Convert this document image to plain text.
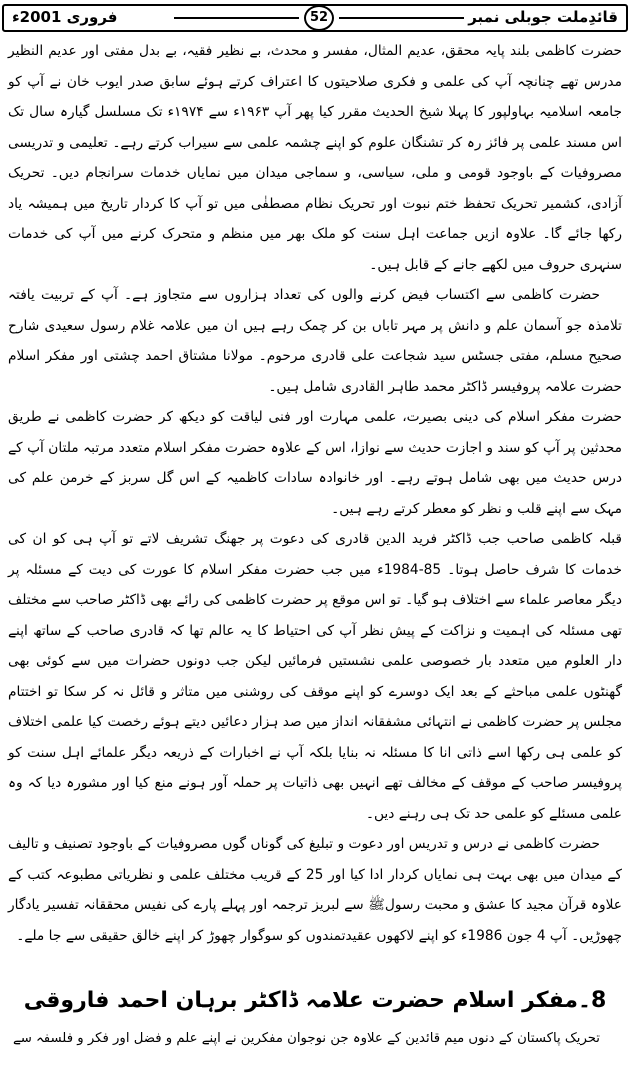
قائدِملت جوبلی نمبر
52
فروری 2001ء

حضرت کاظمی بلند پایہ محقق، عدیم المثال، مفسر و محدث، بے نظیر فقیہ، بے بدل مفتی اور عدیم النظیر مدرس تھے چنانچہ آپ کی علمی و فکری صلاحیتوں کا اعتراف کرتے ہوئے سابق صدر ایوب خان نے آپ کو جامعہ اسلامیہ بہاولپور کا پہلا شیخ الحدیث مقرر کیا پھر آپ ۱۹۶۳ء سے ۱۹۷۴ء تک مسلسل گیارہ سال تک اس مسند علمی پر فائز رہ کر تشنگان علوم کو اپنے چشمہ علمی سے سیراب کرتے رہے۔ تعلیمی و تدریسی مصروفیات کے باوجود قومی و ملی، سیاسی، و سماجی میدان میں نمایاں خدمات سرانجام دیں۔ تحریک آزادی، کشمیر تحریک تحفظ ختم نبوت اور تحریک نظام مصطفٰی میں تو آپ کا کردار تاریخ میں ہمیشہ یاد رکھا جائے گا۔ علاوہ ازیں جماعت اہل سنت کو ملک بھر میں منظم و متحرک کرنے میں آپ کی خدمات سنہری حروف میں لکھے جانے کے قابل ہیں۔

حضرت کاظمی سے اکتساب فیض کرنے والوں کی تعداد ہزاروں سے متجاوز ہے۔ آپ کے تربیت یافتہ تلامذہ جو آسمان علم و دانش پر مہر تاباں بن کر چمک رہے ہیں ان میں علامہ غلام رسول سعیدی شارح صحیح مسلم، مفتی جسٹس سید شجاعت علی قادری مرحوم۔ مولانا مشتاق احمد چشتی اور مفکر اسلام حضرت علامہ پروفیسر ڈاکٹر محمد طاہر القادری شامل ہیں۔

حضرت مفکر اسلام کی دینی بصیرت، علمی مہارت اور فنی لیاقت کو دیکھ کر حضرت کاظمی نے طریق محدثین پر آپ کو سند و اجازت حدیث سے نوازا، اس کے علاوہ حضرت مفکر اسلام متعدد مرتبہ ملتان آپ کے درس حدیث میں بھی شامل ہوتے رہے۔ اور خانوادہ سادات کاظمیہ کے اس گل سربز کے خرمن علم کی مہک سے اپنے قلب و نظر کو معطر کرتے رہے ہیں۔

قبلہ کاظمی صاحب جب ڈاکٹر فرید الدین قادری کی دعوت پر جھنگ تشریف لاتے تو آپ ہی کو ان کی خدمات کا شرف حاصل ہوتا۔ 85-1984ء میں جب حضرت مفکر اسلام کا عورت کی دیت کے مسئلہ پر دیگر معاصر علماء سے اختلاف ہو گیا۔ تو اس موقع پر حضرت کاظمی کی رائے بھی ڈاکٹر صاحب سے مختلف تھی مسئلہ کی اہمیت و نزاکت کے پیش نظر آپ کی احتیاط کا یہ عالم تھا کہ قادری صاحب کے ساتھ اپنے دار العلوم میں متعدد بار خصوصی علمی نشستیں فرمائیں لیکن جب دونوں حضرات میں سے کوئی بھی گھنٹوں علمی مباحثے کے بعد ایک دوسرے کو اپنے موقف کی روشنی میں متاثر و قائل نہ کر سکا تو اختتام مجلس پر حضرت کاظمی نے انتہائی مشفقانہ انداز میں صد ہزار دعائیں دیتے ہوئے رخصت کیا علمی اختلاف کو علمی ہی رکھا اسے ذاتی انا کا مسئلہ نہ بنایا بلکہ آپ نے اخبارات کے ذریعہ دیگر علمائے اہل سنت کو پروفیسر صاحب کے موقف کے مخالف تھے انہیں بھی ذاتیات پر حملہ آور ہونے منع کیا اور مشورہ دیا کہ وہ علمی مسئلے کو علمی حد تک ہی رہنے دیں۔

حضرت کاظمی نے درس و تدریس اور دعوت و تبلیغ کی گوناں گوں مصروفیات کے باوجود تصنیف و تالیف کے میدان میں بھی بہت ہی نمایاں کردار ادا کیا اور 25 کے قریب مختلف علمی و نظریاتی مطبوعہ کتب کے علاوہ قرآن مجید کا عشق و محبت رسولﷺ سے لبریز ترجمہ اور پہلے پارے کی نفیس محققانہ تفسیر یادگار چھوڑیں۔ آپ 4 جون 1986ء کو اپنے لاکھوں عقیدتمندوں کو سوگوار چھوڑ کر اپنے خالق حقیقی سے جا ملے۔

8۔مفکر اسلام حضرت علامہ ڈاکٹر برہان احمد فاروقی

تحریک پاکستان کے دنوں میم قائدین کے علاوہ جن نوجوان مفکرین نے اپنے علم و فضل اور فکر و فلسفہ سے
